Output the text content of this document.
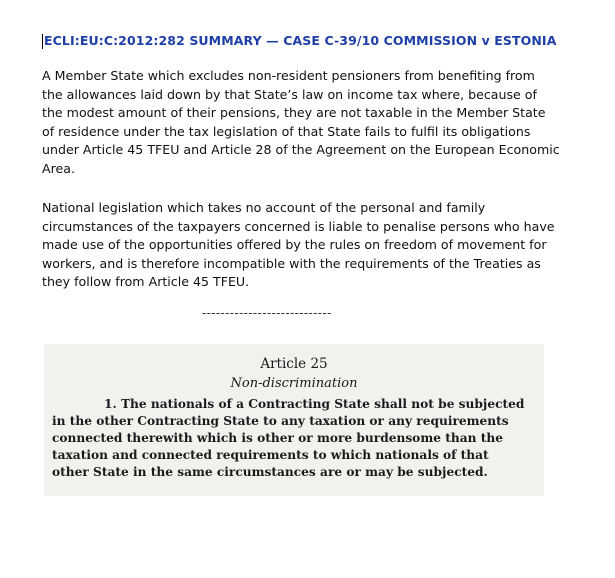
ECLI:EU:C:2012:282 SUMMARY — CASE C-39/10 COMMISSION v ESTONIA
A Member State which excludes non-resident pensioners from benefiting from
the allowances laid down by that State’s law on income tax where, because of
the modest amount of their pensions, they are not taxable in the Member State
of residence under the tax legislation of that State fails to fulfil its obligations
under Article 45 TFEU and Article 28 of the Agreement on the European Economic
Area.
National legislation which takes no account of the personal and family
circumstances of the taxpayers concerned is liable to penalise persons who have
made use of the opportunities offered by the rules on freedom of movement for
workers, and is therefore incompatible with the requirements of the Treaties as
they follow from Article 45 TFEU.
----------------------------
Article 25
Non-discrimination
1. The nationals of a Contracting State shall not be subjected
in the other Contracting State to any taxation or any requirements
connected therewith which is other or more burdensome than the
taxation and connected requirements to which nationals of that
other State in the same circumstances are or may be subjected.
